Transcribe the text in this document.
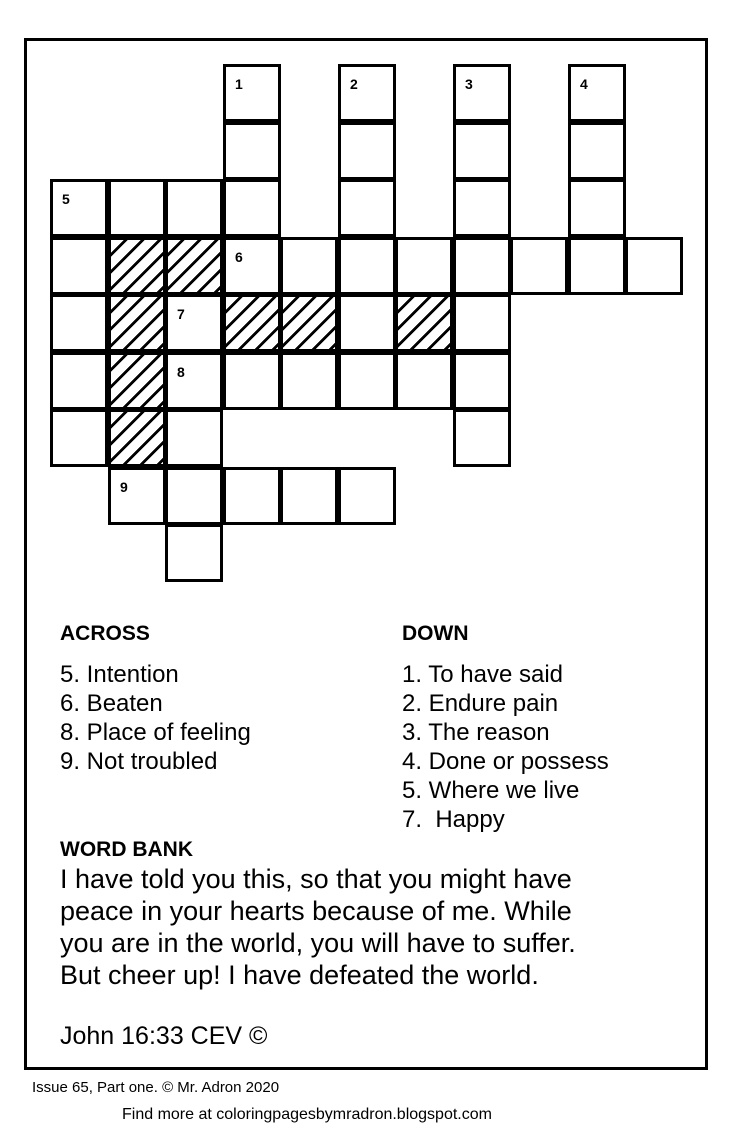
1	2	3	4
5
6
7
8
9
ACROSS
5. Intention
6. Beaten
8. Place of feeling
9. Not troubled
DOWN
1. To have said
2. Endure pain
3. The reason
4. Done or possess
5. Where we live
7.  Happy
WORD BANK
I have told you this, so that you might have
peace in your hearts because of me. While
you are in the world, you will have to suffer.
But cheer up! I have defeated the world.
John 16:33 CEV ©
Issue 65, Part one. © Mr. Adron 2020
Find more at coloringpagesbymradron.blogspot.com
